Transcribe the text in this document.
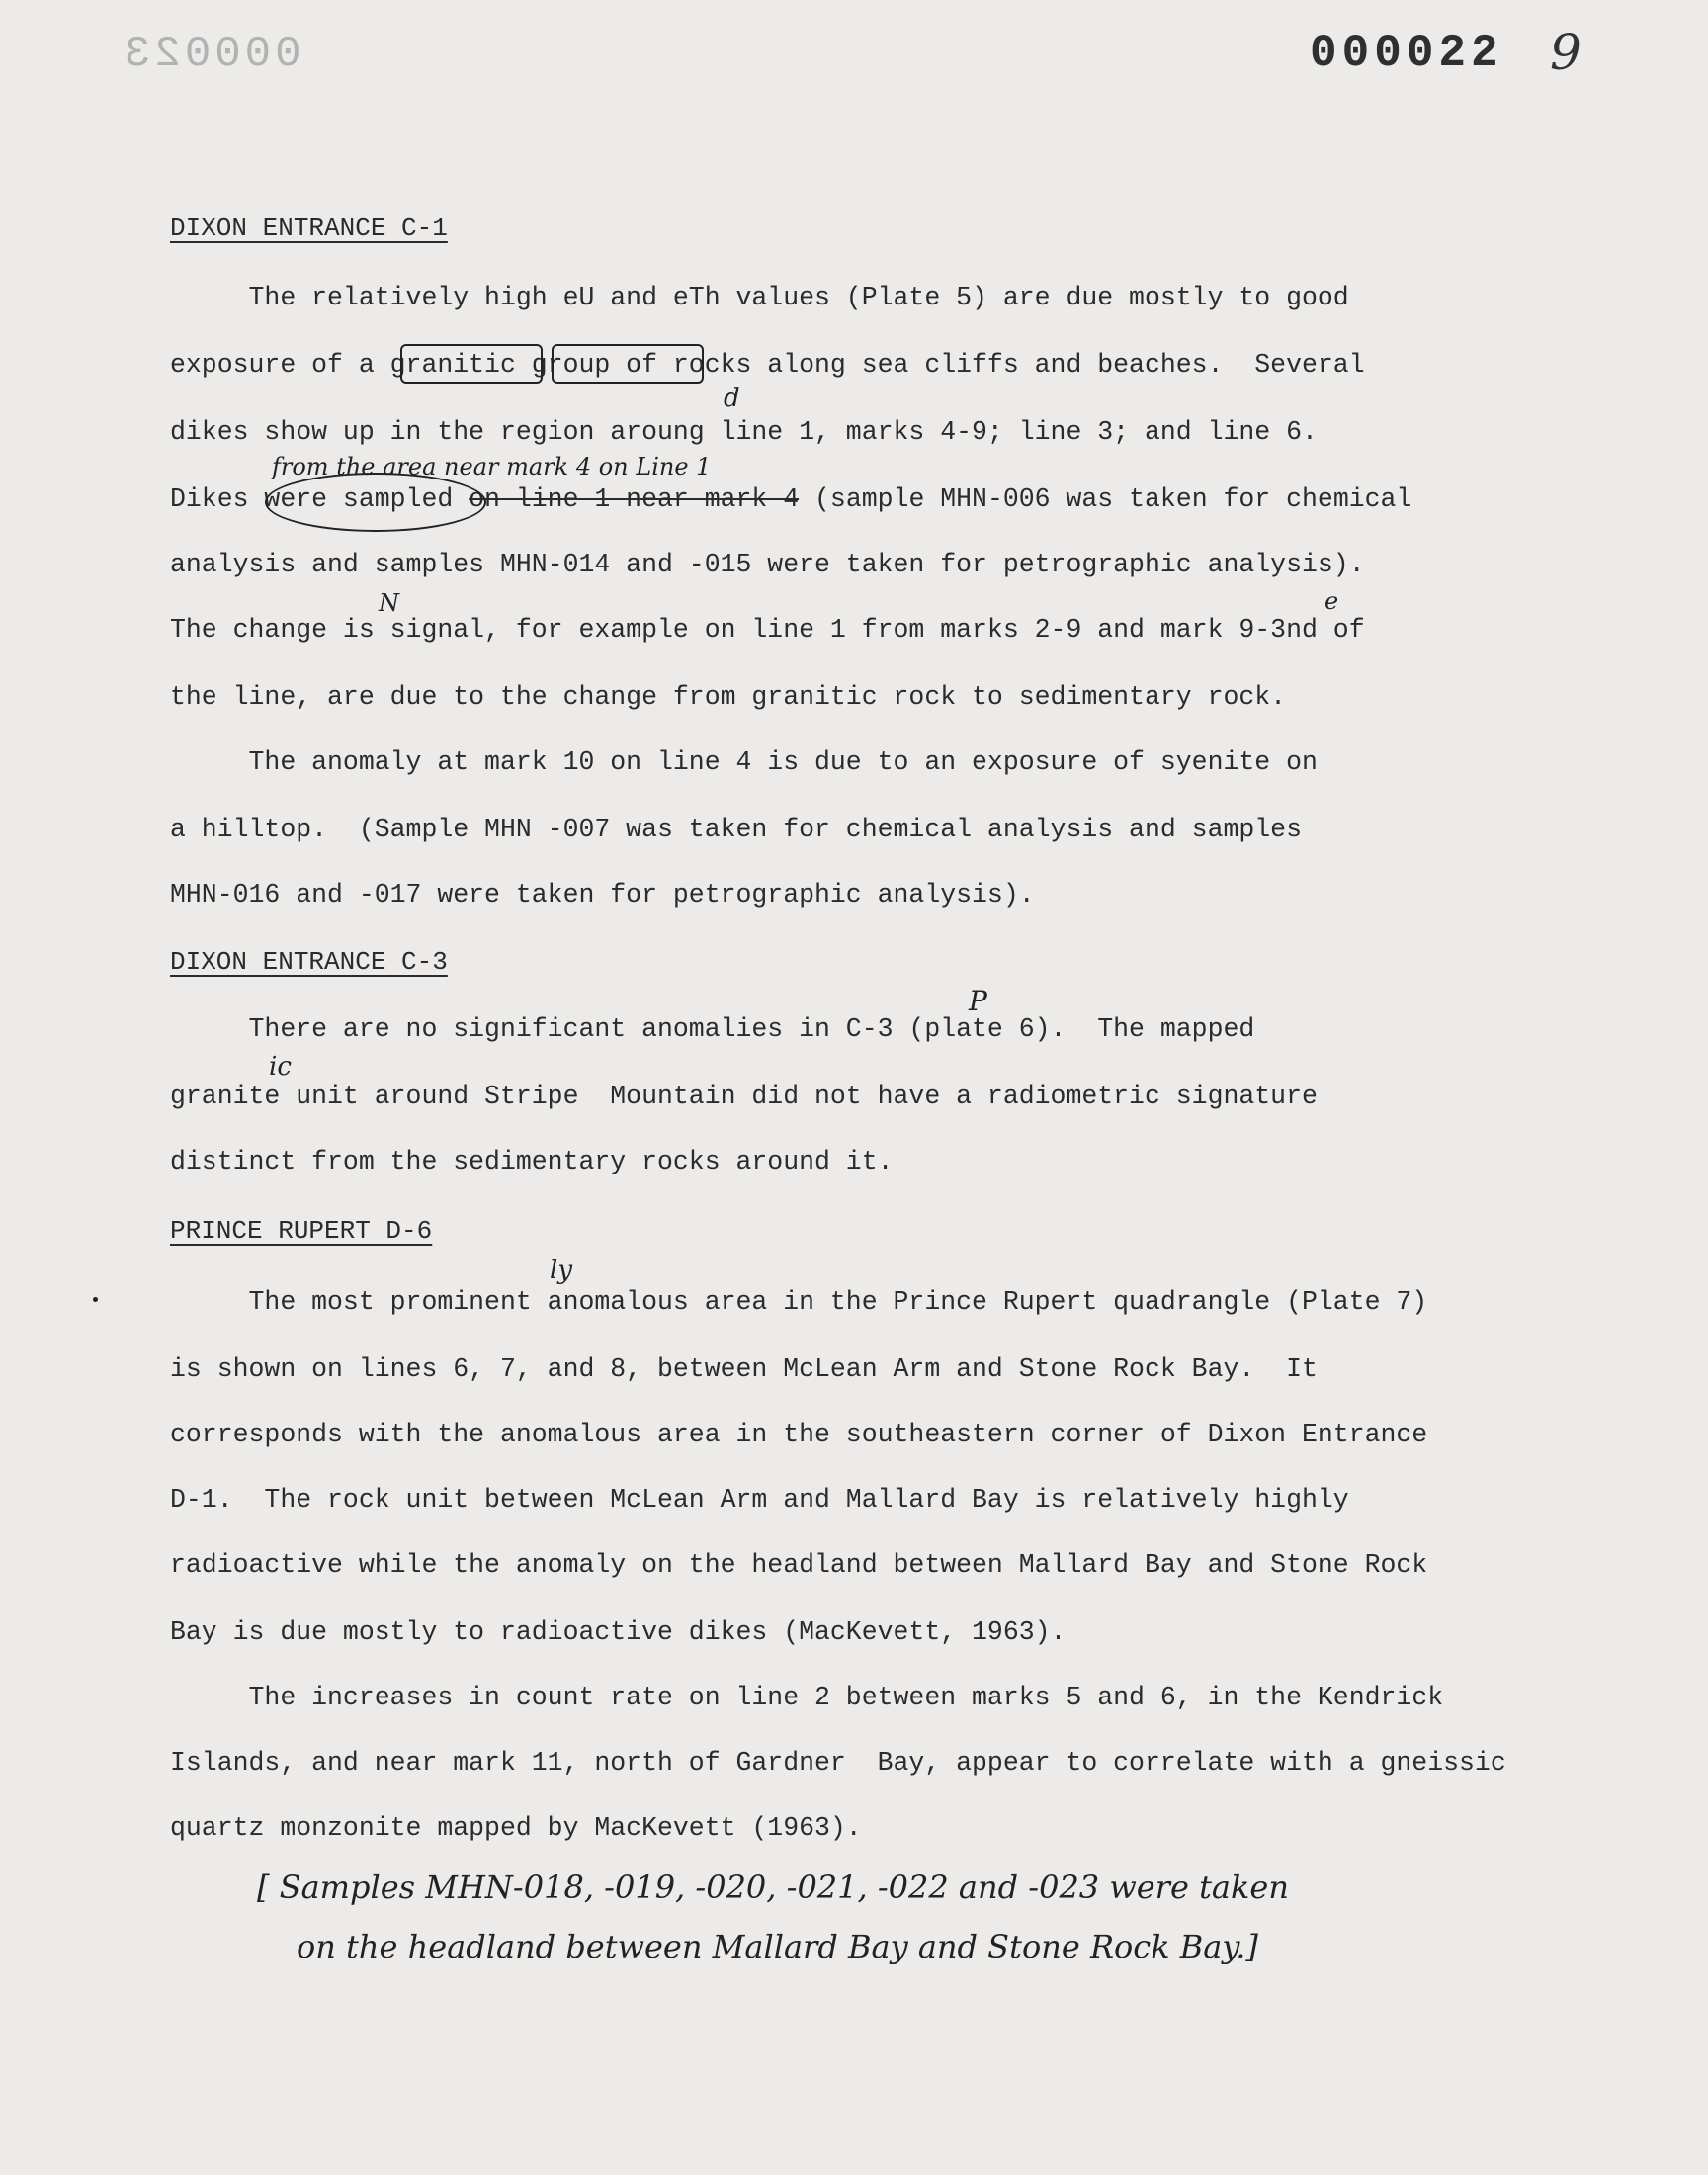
000023	000022 9
DIXON ENTRANCE C-1
The relatively high eU and eTh values (Plate 5) are due mostly to good
exposure of a granitic group of rocks along sea cliffs and beaches.  Several
dikes show up in the region aroung line 1, marks 4-9; line 3; and line 6.
d
from the area near mark 4 on Line 1
Dikes were sampled on line 1 near mark 4 (sample MHN-006 was taken for chemical
analysis and samples MHN-014 and -015 were taken for petrographic analysis).
The change is signal, for example on line 1 from marks 2-9 and mark 9-3nd of
N	e
the line, are due to the change from granitic rock to sedimentary rock.
The anomaly at mark 10 on line 4 is due to an exposure of syenite on
a hilltop.  (Sample MHN -007 was taken for chemical analysis and samples
MHN-016 and -017 were taken for petrographic analysis).
DIXON ENTRANCE C-3
P
There are no significant anomalies in C-3 (plate 6).  The mapped
ic
granite unit around Stripe  Mountain did not have a radiometric signature
distinct from the sedimentary rocks around it.
PRINCE RUPERT D-6
ly
The most prominent anomalous area in the Prince Rupert quadrangle (Plate 7)
is shown on lines 6, 7, and 8, between McLean Arm and Stone Rock Bay.  It
corresponds with the anomalous area in the southeastern corner of Dixon Entrance
D-1.  The rock unit between McLean Arm and Mallard Bay is relatively highly
radioactive while the anomaly on the headland between Mallard Bay and Stone Rock
Bay is due mostly to radioactive dikes (MacKevett, 1963).
The increases in count rate on line 2 between marks 5 and 6, in the Kendrick
Islands, and near mark 11, north of Gardner  Bay, appear to correlate with a gneissic
quartz monzonite mapped by MacKevett (1963).
[ Samples MHN-018, -019, -020, -021, -022 and -023 were taken
on the headland between Mallard Bay and Stone Rock Bay.]
